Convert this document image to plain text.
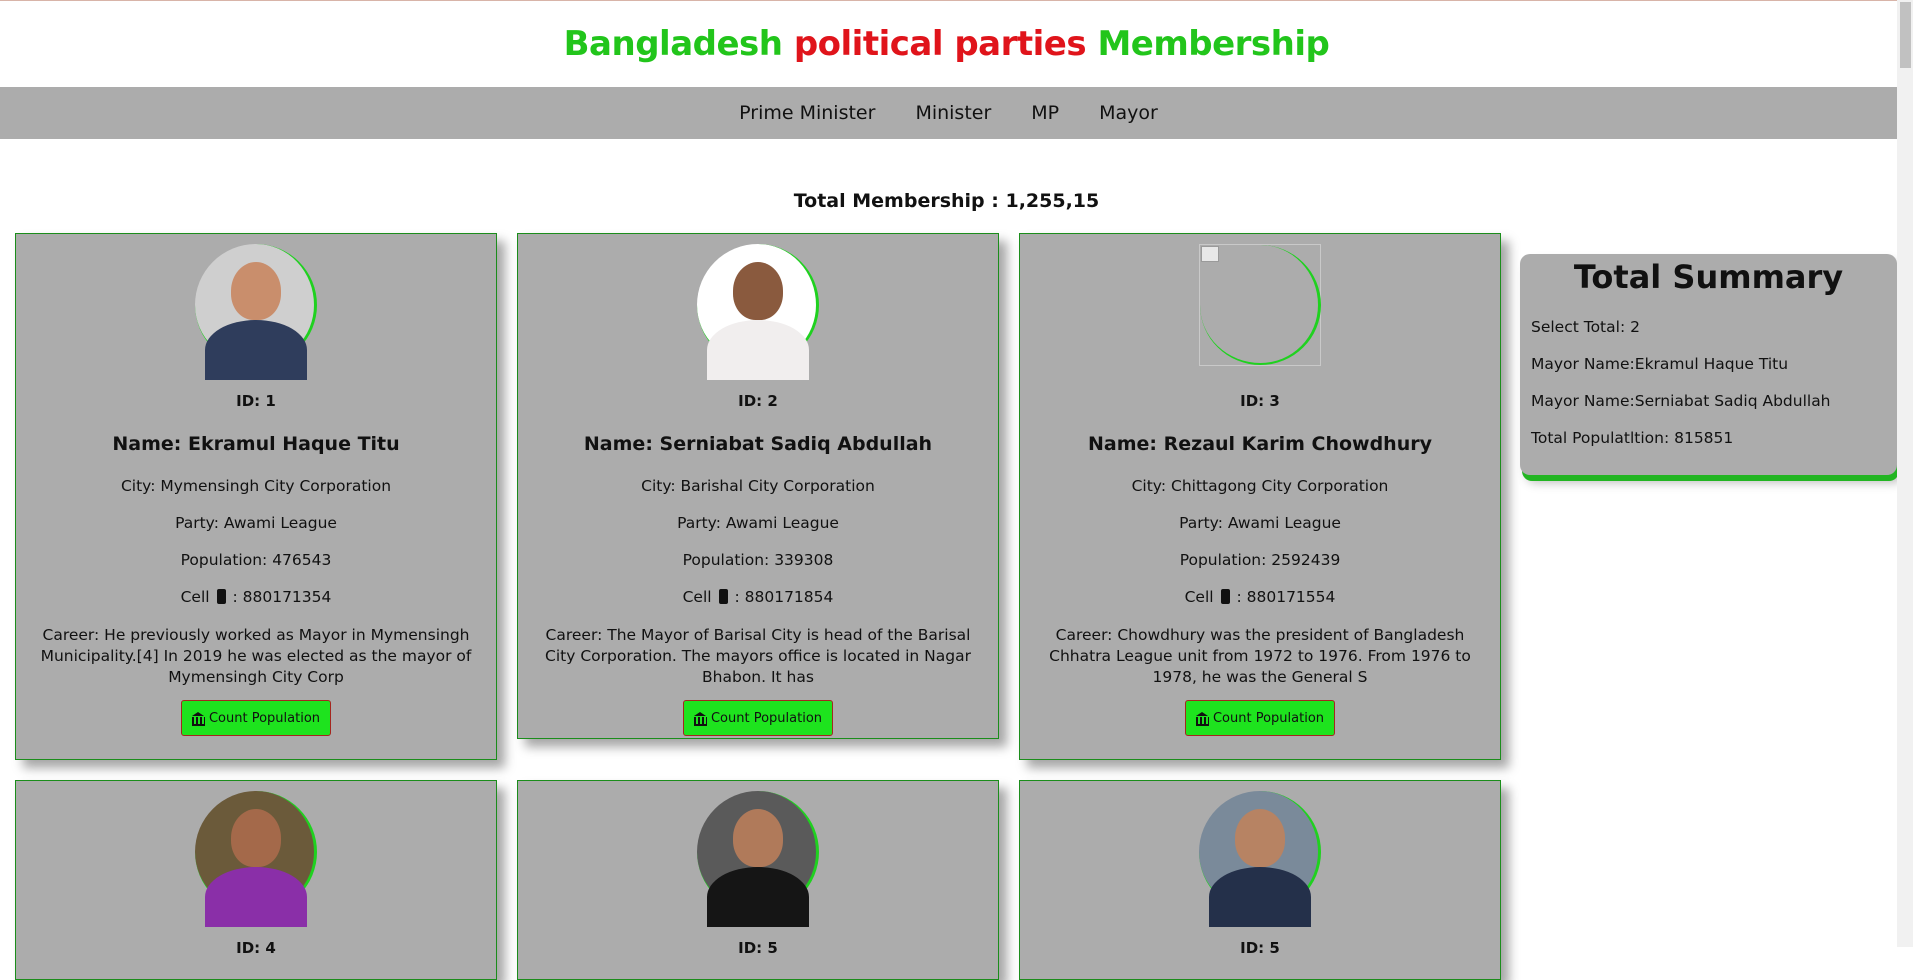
Bangladesh political parties Membership
Prime Minister Minister MP Mayor
Total Membership : 1,255,15
ID: 1
Name: Ekramul Haque Titu
City: Mymensingh City Corporation
Party: Awami League
Population: 476543
Cell : 880171354
Career: He previously worked as Mayor in Mymensingh Municipality.[4] In 2019 he was elected as the mayor of Mymensingh City Corp
Count Population
ID: 2
Name: Serniabat Sadiq Abdullah
City: Barishal City Corporation
Party: Awami League
Population: 339308
Cell : 880171854
Career: The Mayor of Barisal City is head of the Barisal City Corporation. The mayors office is located in Nagar Bhabon. It has
Count Population
ID: 3
Name: Rezaul Karim Chowdhury
City: Chittagong City Corporation
Party: Awami League
Population: 2592439
Cell : 880171554
Career: Chowdhury was the president of Bangladesh Chhatra League unit from 1972 to 1976. From 1976 to 1978, he was the General S
Count Population
ID: 4	ID: 5	ID: 5
Total Summary

Select Total: 2

Mayor Name:Ekramul Haque Titu

Mayor Name:Serniabat Sadiq Abdullah

Total Populatltion: 815851
